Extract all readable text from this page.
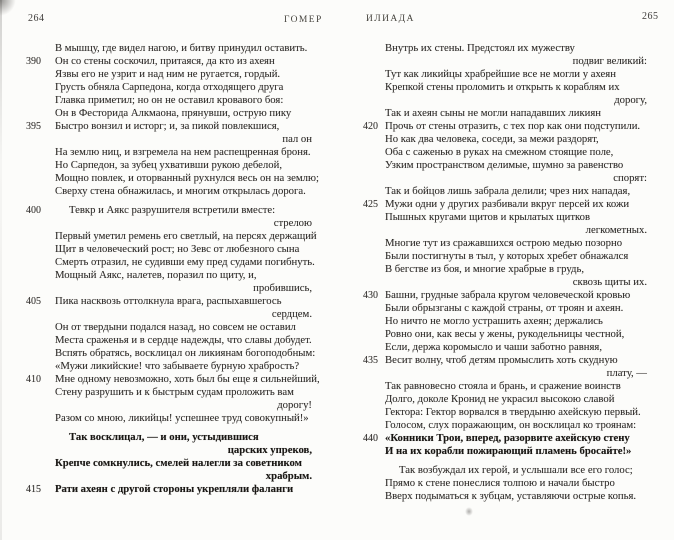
264	ГОМЕР	ИЛИАДА	265
В мышцу, где видел нагою, и битву принудил оставить.
390 Он со стены соскочил, притаяся, да кто из ахеян
Язвы его не узрит и над ним не ругается, гордый.
Грусть обняла Сарпедона, когда отходящего друга
Главка приметил; но он не оставил кровавого боя:
Он в Фесторида Алкмаона, прянувши, острую пику
395 Быстро вонзил и исторг; и, за пикой повлекшися,
пал он
На землю ниц, и взгремела на нем распещренная броня.
Но Сарпедон, за зубец ухвативши рукою дебелой,
Мощно повлек, и оторванный рухнулся весь он на землю;
Сверху стена обнажилась, и многим открылась дорога.
400	Тевкр и Аякс разрушителя встретили вместе:
стрелою
Первый уметил ремень его светлый, на персях держащий
Щит в человеческий рост; но Зевс от любезного сына
Смерть отразил, не судивши ему пред судами погибнуть.
Мощный Аякс, налетев, поразил по щиту, и,
пробившись,
405 Пика насквозь оттолкнула врага, распыхавшегось
сердцем.
Он от твердыни подался назад, но совсем не оставил
Места сраженья и в сердце надежды, что славы добудет.
Вспять обратясь, восклицал он ликиянам богоподобным:
«Мужи ликийские! что забываете бурную храбрость?
410 Мне одному невозможно, хоть был бы еще я сильнейший,
Стену разрушить и к быстрым судам проложить вам
дорогу!
Разом со мною, ликийцы! успешнее труд совокупный!»
Так восклицал, — и они, устыдившися
царских упреков,
Крепче сомкнулись, смелей налегли за советником
храбрым.
415 Рати ахеян с другой стороны укрепляли фаланги
Внутрь их стены. Предстоял их мужеству
подвиг великий:
Тут как ликийцы храбрейшие все не могли у ахеян
Крепкой стены проломить и открыть к кораблям их
дорогу,
Так и ахеян сыны не могли нападавших ликиян
420 Прочь от стены отразить, с тех пор как они подступили.
Но как два человека, соседи, за межи раздорят,
Оба с саженью в руках на смежном стоящие поле,
Узким пространством делимые, шумно за равенство
спорят:
Так и бойцов лишь забрала делили; чрез них нападая,
425 Мужи одни у других разбивали вкруг персей их кожи
Пышных кругами щитов и крылатых щитков
легкометных.
Многие тут из сражавшихся острою медью позорно
Были постигнуты в тыл, у которых хребет обнажался
В бегстве из боя, и многие храбрые в грудь,
сквозь щиты их.
430 Башни, грудные забрала кругом человеческой кровью
Были обрызганы с каждой страны, от троян и ахеян.
Но ничто не могло устрашить ахеян; держались
Ровно они, как весы у жены, рукодельницы честной,
Если, держа коромысло и чаши заботно равняя,
435 Весит волну, чтоб детям промыслить хоть скудную
плату, —
Так равновесно стояла и брань, и сражение воинств
Долго, доколе Кронид не украсил высокою славой
Гектора: Гектор ворвался в твердыню ахейскую первый.
Голосом, слух поражающим, он восклицал ко троянам:
440 «Конники Трои, вперед, разорвите ахейскую стену
И на их корабли пожирающий пламень бросайте!»
Так возбуждал их герой, и услышали все его голос;
Прямо к стене понеслися толпою и начали быстро
Вверх подыматься к зубцам, уставляючи острые копья.
